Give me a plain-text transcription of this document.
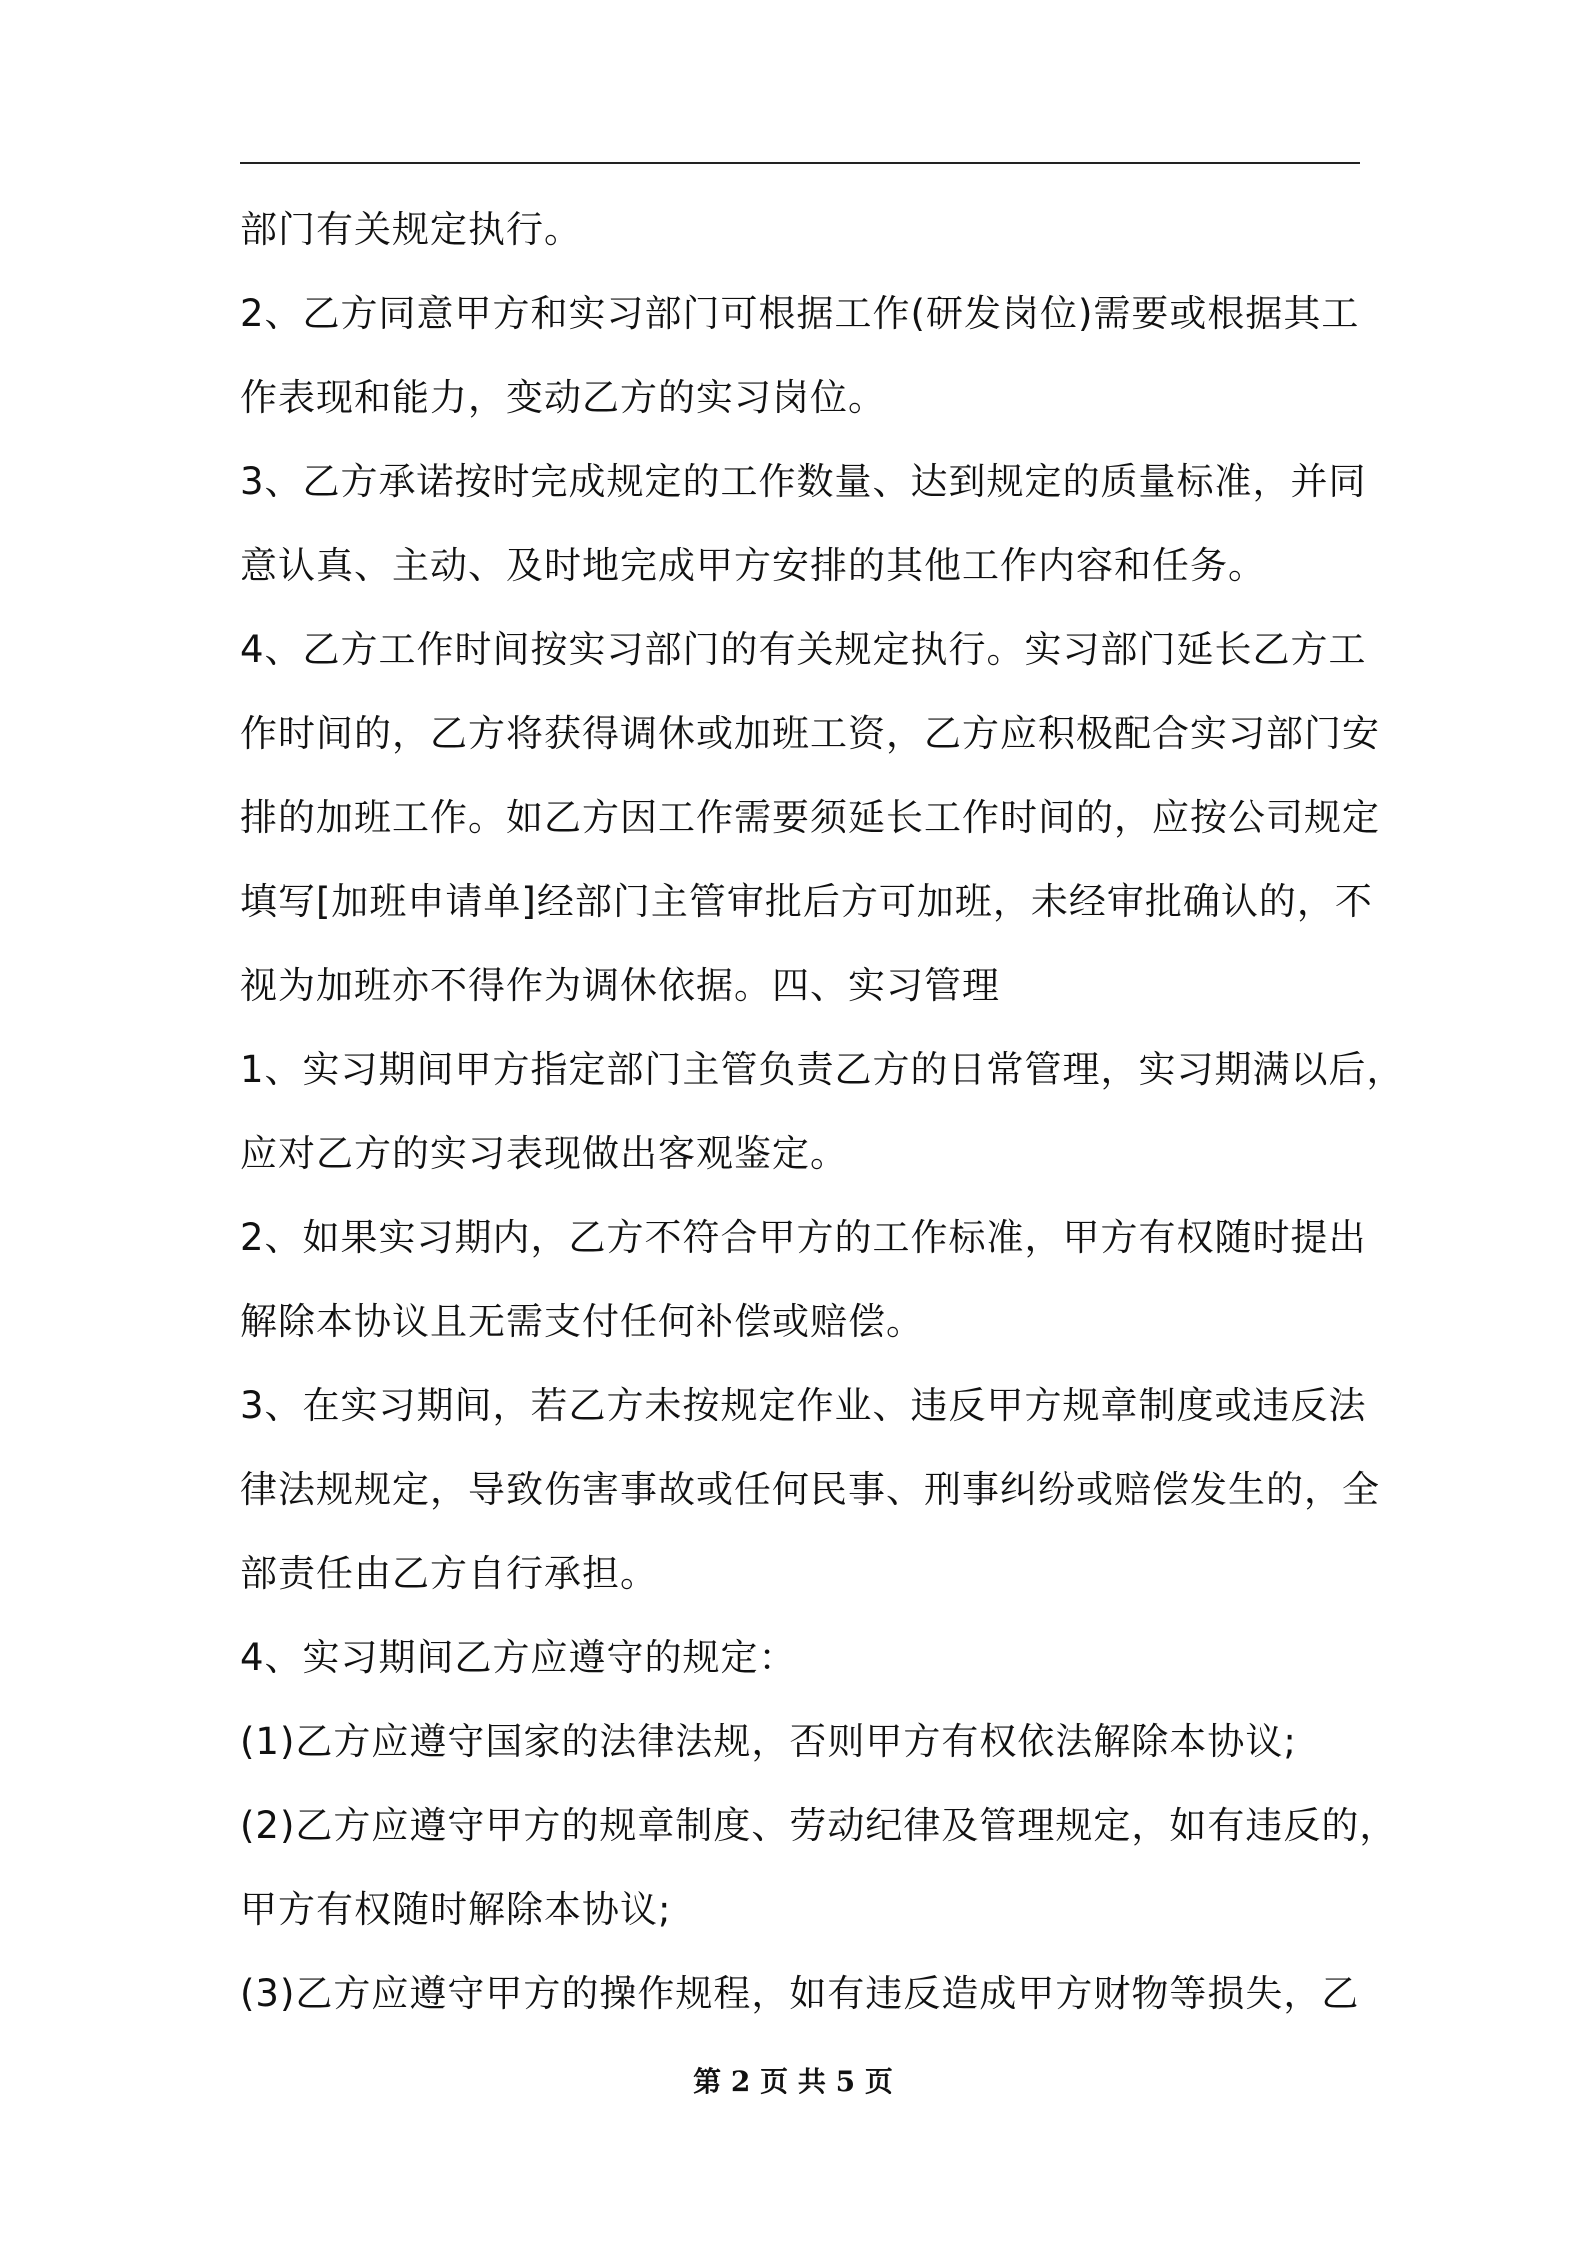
部门有关规定执行。
2、乙方同意甲方和实习部门可根据工作(研发岗位)需要或根据其工
作表现和能力，变动乙方的实习岗位。
3、乙方承诺按时完成规定的工作数量、达到规定的质量标准，并同
意认真、主动、及时地完成甲方安排的其他工作内容和任务。
4、乙方工作时间按实习部门的有关规定执行。实习部门延长乙方工
作时间的，乙方将获得调休或加班工资，乙方应积极配合实习部门安
排的加班工作。如乙方因工作需要须延长工作时间的，应按公司规定
填写[加班申请单]经部门主管审批后方可加班，未经审批确认的，不
视为加班亦不得作为调休依据。四、实习管理
1、实习期间甲方指定部门主管负责乙方的日常管理，实习期满以后，
应对乙方的实习表现做出客观鉴定。
2、如果实习期内，乙方不符合甲方的工作标准，甲方有权随时提出
解除本协议且无需支付任何补偿或赔偿。
3、在实习期间，若乙方未按规定作业、违反甲方规章制度或违反法
律法规规定，导致伤害事故或任何民事、刑事纠纷或赔偿发生的，全
部责任由乙方自行承担。
4、实习期间乙方应遵守的规定：
(1)乙方应遵守国家的法律法规，否则甲方有权依法解除本协议;
(2)乙方应遵守甲方的规章制度、劳动纪律及管理规定，如有违反的，
甲方有权随时解除本协议;
(3)乙方应遵守甲方的操作规程，如有违反造成甲方财物等损失，乙
第 2 页 共 5 页
